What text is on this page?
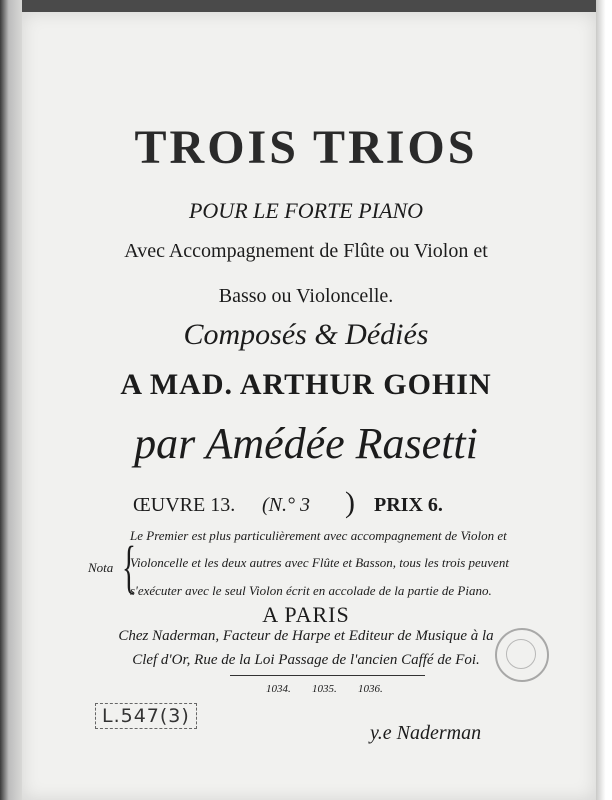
TROIS TRIOS
POUR LE FORTE PIANO
Avec Accompagnement de Flûte ou Violon et
Basso ou Violoncelle.
Composés & Dédiés
A MAD. ARTHUR GOHIN
par Amédée Rasetti
ŒUVRE 13. (N.° 3 ) PRIX 6.
Nota {
Le Premier est plus particulièrement avec accompagnement de Violon et
Violoncelle et les deux autres avec Flûte et Basson, tous les trois peuvent
s'exécuter avec le seul Violon écrit en accolade de la partie de Piano.
A PARIS
Chez Naderman, Facteur de Harpe et Editeur de Musique à la
Clef d'Or, Rue de la Loi Passage de l'ancien Caffé de Foi.
1034. 1035. 1036.
L.547(3)
y.e Naderman
